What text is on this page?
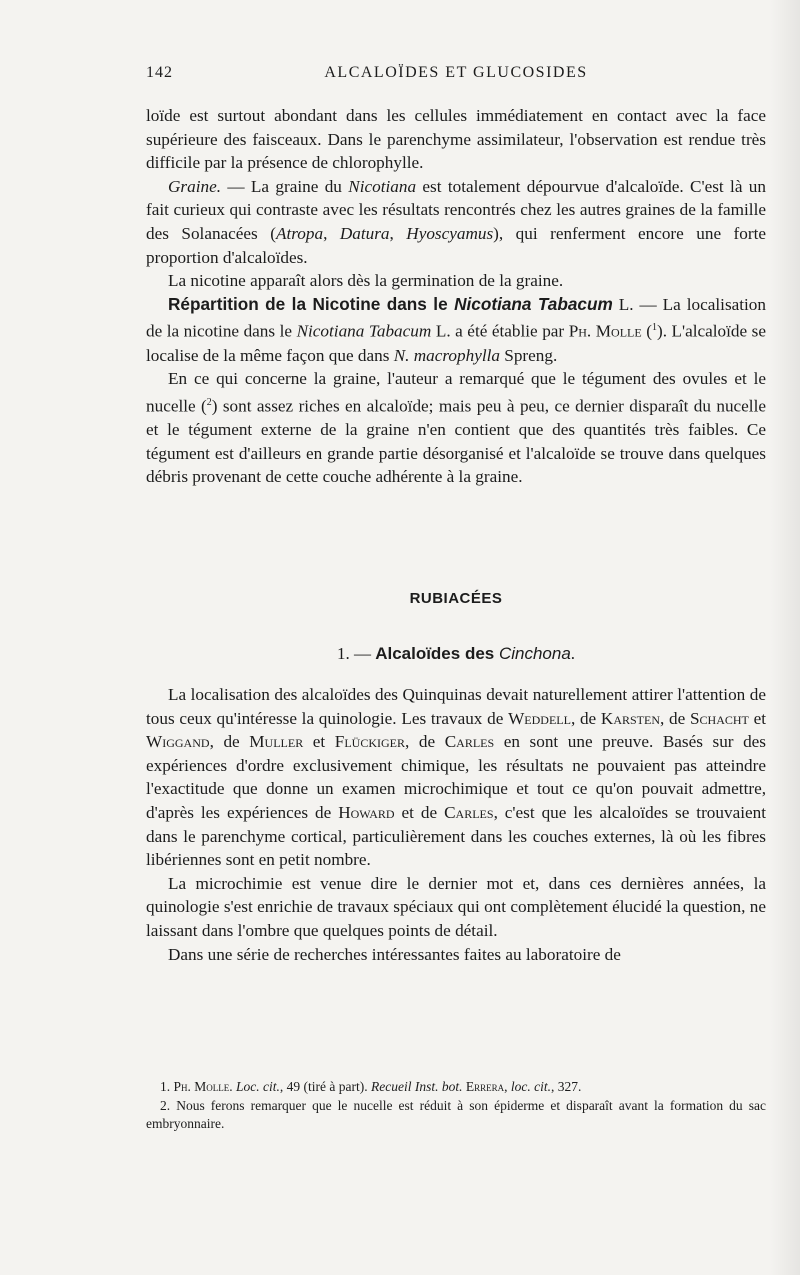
142	ALCALOÏDES ET GLUCOSIDES

loïde est surtout abondant dans les cellules immédiatement en contact avec la face supérieure des faisceaux. Dans le parenchyme assimilateur, l'observation est rendue très difficile par la présence de chlorophylle.

Graine. — La graine du Nicotiana est totalement dépourvue d'alcaloïde. C'est là un fait curieux qui contraste avec les résultats rencontrés chez les autres graines de la famille des Solanacées (Atropa, Datura, Hyoscyamus), qui renferment encore une forte proportion d'alcaloïdes.

La nicotine apparaît alors dès la germination de la graine.

Répartition de la Nicotine dans le Nicotiana Tabacum L. — La localisation de la nicotine dans le Nicotiana Tabacum L. a été établie par Ph. Molle ($^1$). L'alcaloïde se localise de la même façon que dans N. macrophylla Spreng.

En ce qui concerne la graine, l'auteur a remarqué que le tégument des ovules et le nucelle ($^2$) sont assez riches en alcaloïde; mais peu à peu, ce dernier disparaît du nucelle et le tégument externe de la graine n'en contient que des quantités très faibles. Ce tégument est d'ailleurs en grande partie désorganisé et l'alcaloïde se trouve dans quelques débris provenant de cette couche adhérente à la graine.

RUBIACÉES
1. — Alcaloïdes des Cinchona.

La localisation des alcaloïdes des Quinquinas devait naturellement attirer l'attention de tous ceux qu'intéresse la quinologie. Les travaux de Weddell, de Karsten, de Schacht et Wiggand, de Muller et Flückiger, de Carles en sont une preuve. Basés sur des expériences d'ordre exclusivement chimique, les résultats ne pouvaient pas atteindre l'exactitude que donne un examen microchimique et tout ce qu'on pouvait admettre, d'après les expériences de Howard et de Carles, c'est que les alcaloïdes se trouvaient dans le parenchyme cortical, particulièrement dans les couches externes, là où les fibres libériennes sont en petit nombre.

La microchimie est venue dire le dernier mot et, dans ces dernières années, la quinologie s'est enrichie de travaux spéciaux qui ont complètement élucidé la question, ne laissant dans l'ombre que quelques points de détail.

Dans une série de recherches intéressantes faites au laboratoire de

1. Ph. Molle. Loc. cit., 49 (tiré à part). Recueil Inst. bot. Errera, loc. cit., 327.

2. Nous ferons remarquer que le nucelle est réduit à son épiderme et disparaît avant la formation du sac embryonnaire.
